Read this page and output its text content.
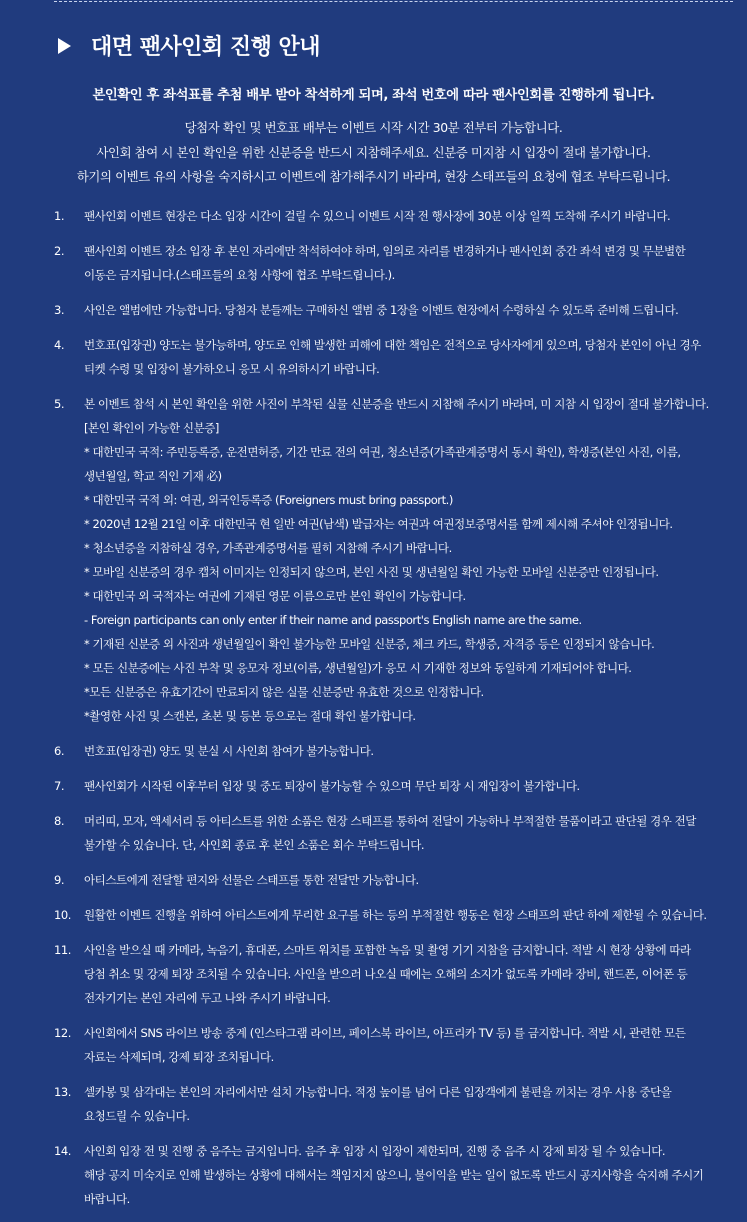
대면 팬사인회 진행 안내
본인확인 후 좌석표를 추첨 배부 받아 착석하게 되며, 좌석 번호에 따라 팬사인회를 진행하게 됩니다.
당첨자 확인 및 번호표 배부는 이벤트 시작 시간 30분 전부터 가능합니다.
사인회 참여 시 본인 확인을 위한 신분증을 반드시 지참해주세요. 신분증 미지참 시 입장이 절대 불가합니다.
하기의 이벤트 유의 사항을 숙지하시고 이벤트에 참가해주시기 바라며, 현장 스태프들의 요청에 협조 부탁드립니다.
1. 팬사인회 이벤트 현장은 다소 입장 시간이 걸릴 수 있으니 이벤트 시작 전 행사장에 30분 이상 일찍 도착해 주시기 바랍니다.
2. 팬사인회 이벤트 장소 입장 후 본인 자리에만 착석하여야 하며, 임의로 자리를 변경하거나 팬사인회 중간 좌석 변경 및 무분별한
이동은 금지됩니다.(스태프들의 요청 사항에 협조 부탁드립니다.).
3. 사인은 앨범에만 가능합니다. 당첨자 분들께는 구매하신 앨범 중 1장을 이벤트 현장에서 수령하실 수 있도록 준비해 드립니다.
4. 번호표(입장권) 양도는 불가능하며, 양도로 인해 발생한 피해에 대한 책임은 전적으로 당사자에게 있으며, 당첨자 본인이 아닌 경우
티켓 수령 및 입장이 불가하오니 응모 시 유의하시기 바랍니다.
5. 본 이벤트 참석 시 본인 확인을 위한 사진이 부착된 실물 신분증을 반드시 지참해 주시기 바라며, 미 지참 시 입장이 절대 불가합니다.
[본인 확인이 가능한 신분증]
* 대한민국 국적: 주민등록증, 운전면허증, 기간 만료 전의 여권, 청소년증(가족관계증명서 동시 확인), 학생증(본인 사진, 이름,
생년월일, 학교 직인 기재 必)
* 대한민국 국적 외: 여권, 외국인등록증 (Foreigners must bring passport.)
* 2020년 12월 21일 이후 대한민국 현 일반 여권(남색) 발급자는 여권과 여권정보증명서를 함께 제시해 주셔야 인정됩니다.
* 청소년증을 지참하실 경우, 가족관계증명서를 필히 지참해 주시기 바랍니다.
* 모바일 신분증의 경우 캡처 이미지는 인정되지 않으며, 본인 사진 및 생년월일 확인 가능한 모바일 신분증만 인정됩니다.
* 대한민국 외 국적자는 여권에 기재된 영문 이름으로만 본인 확인이 가능합니다.
- Foreign participants can only enter if their name and passport's English name are the same.
* 기재된 신분증 외 사진과 생년월일이 확인 불가능한 모바일 신분증, 체크 카드, 학생증, 자격증 등은 인정되지 않습니다.
* 모든 신분증에는 사진 부착 및 응모자 정보(이름, 생년월일)가 응모 시 기재한 정보와 동일하게 기재되어야 합니다.
*모든 신분증은 유효기간이 만료되지 않은 실물 신분증만 유효한 것으로 인정합니다.
*촬영한 사진 및 스캔본, 초본 및 등본 등으로는 절대 확인 불가합니다.
6. 번호표(입장권) 양도 및 분실 시 사인회 참여가 불가능합니다.
7. 팬사인회가 시작된 이후부터 입장 및 중도 퇴장이 불가능할 수 있으며 무단 퇴장 시 재입장이 불가합니다.
8. 머리띠, 모자, 액세서리 등 아티스트를 위한 소품은 현장 스태프를 통하여 전달이 가능하나 부적절한 물품이라고 판단될 경우 전달
불가할 수 있습니다. 단, 사인회 종료 후 본인 소품은 회수 부탁드립니다.
9. 아티스트에게 전달할 편지와 선물은 스태프를 통한 전달만 가능합니다.
10. 원활한 이벤트 진행을 위하여 아티스트에게 무리한 요구를 하는 등의 부적절한 행동은 현장 스태프의 판단 하에 제한될 수 있습니다.
11. 사인을 받으실 때 카메라, 녹음기, 휴대폰, 스마트 워치를 포함한 녹음 및 촬영 기기 지참을 금지합니다. 적발 시 현장 상황에 따라
당첨 취소 및 강제 퇴장 조치될 수 있습니다. 사인을 받으러 나오실 때에는 오해의 소지가 없도록 카메라 장비, 핸드폰, 이어폰 등
전자기기는 본인 자리에 두고 나와 주시기 바랍니다.
12. 사인회에서 SNS 라이브 방송 중계 (인스타그램 라이브, 페이스북 라이브, 아프리카 TV 등) 를 금지합니다. 적발 시, 관련한 모든
자료는 삭제되며, 강제 퇴장 조치됩니다.
13. 셀카봉 및 삼각대는 본인의 자리에서만 설치 가능합니다. 적정 높이를 넘어 다른 입장객에게 불편을 끼치는 경우 사용 중단을
요청드릴 수 있습니다.
14. 사인회 입장 전 및 진행 중 음주는 금지입니다. 음주 후 입장 시 입장이 제한되며, 진행 중 음주 시 강제 퇴장 될 수 있습니다.
해당 공지 미숙지로 인해 발생하는 상황에 대해서는 책임지지 않으니, 불이익을 받는 일이 없도록 반드시 공지사항을 숙지해 주시기
바랍니다.
